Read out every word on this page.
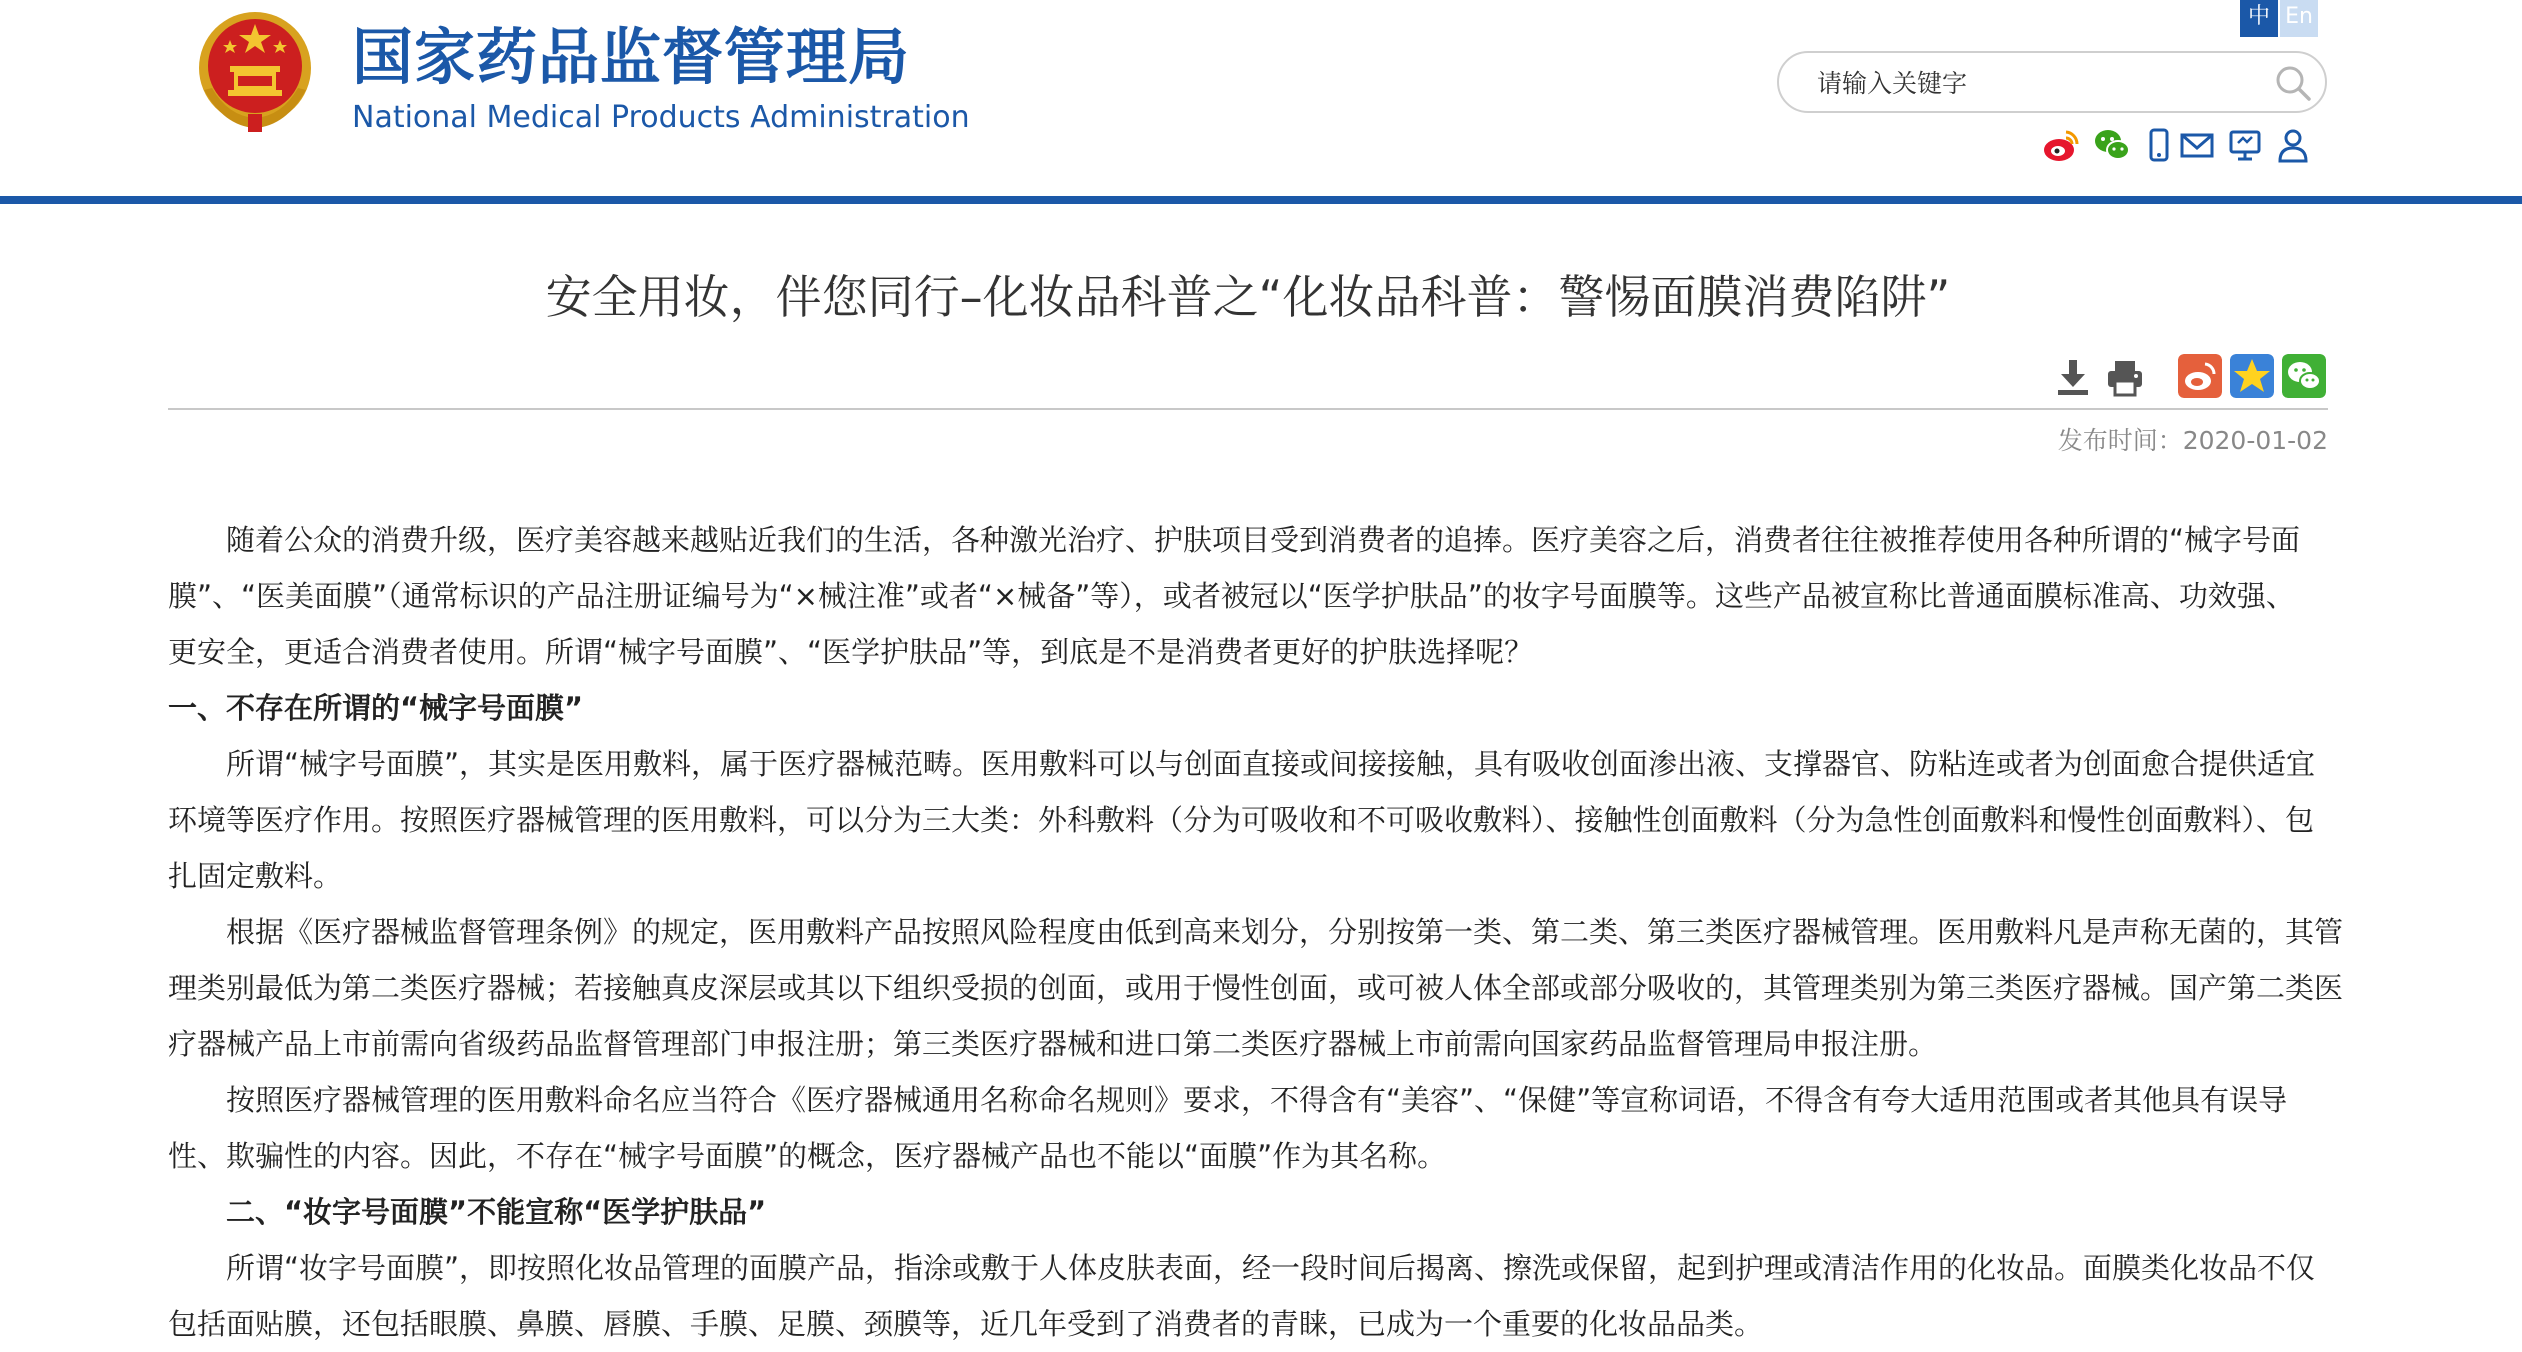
国家药品监督管理局
National Medical Products Administration
中 En
请输入关键字
安全用妆，伴您同行–化妆品科普之“化妆品科普：警惕面膜消费陷阱”
发布时间：2020-01-02
随着公众的消费升级，医疗美容越来越贴近我们的生活，各种激光治疗、护肤项目受到消费者的追捧。医疗美容之后，消费者往往被推荐使用各种所谓的“械字号面
膜”、“医美面膜”（通常标识的产品注册证编号为“×械注准”或者“×械备”等），或者被冠以“医学护肤品”的妆字号面膜等。这些产品被宣称比普通面膜标准高、功效强、
更安全，更适合消费者使用。所谓“械字号面膜”、“医学护肤品”等，到底是不是消费者更好的护肤选择呢？
一、不存在所谓的“械字号面膜”
所谓“械字号面膜”，其实是医用敷料，属于医疗器械范畴。医用敷料可以与创面直接或间接接触，具有吸收创面渗出液、支撑器官、防粘连或者为创面愈合提供适宜
环境等医疗作用。按照医疗器械管理的医用敷料，可以分为三大类：外科敷料（分为可吸收和不可吸收敷料）、接触性创面敷料（分为急性创面敷料和慢性创面敷料）、包
扎固定敷料。
根据《医疗器械监督管理条例》的规定，医用敷料产品按照风险程度由低到高来划分，分别按第一类、第二类、第三类医疗器械管理。医用敷料凡是声称无菌的，其管
理类别最低为第二类医疗器械；若接触真皮深层或其以下组织受损的创面，或用于慢性创面，或可被人体全部或部分吸收的，其管理类别为第三类医疗器械。国产第二类医
疗器械产品上市前需向省级药品监督管理部门申报注册；第三类医疗器械和进口第二类医疗器械上市前需向国家药品监督管理局申报注册。
按照医疗器械管理的医用敷料命名应当符合《医疗器械通用名称命名规则》要求，不得含有“美容”、“保健”等宣称词语，不得含有夸大适用范围或者其他具有误导
性、欺骗性的内容。因此，不存在“械字号面膜”的概念，医疗器械产品也不能以“面膜”作为其名称。
二、“妆字号面膜”不能宣称“医学护肤品”
所谓“妆字号面膜”，即按照化妆品管理的面膜产品，指涂或敷于人体皮肤表面，经一段时间后揭离、擦洗或保留，起到护理或清洁作用的化妆品。面膜类化妆品不仅
包括面贴膜，还包括眼膜、鼻膜、唇膜、手膜、足膜、颈膜等，近几年受到了消费者的青睐，已成为一个重要的化妆品品类。
